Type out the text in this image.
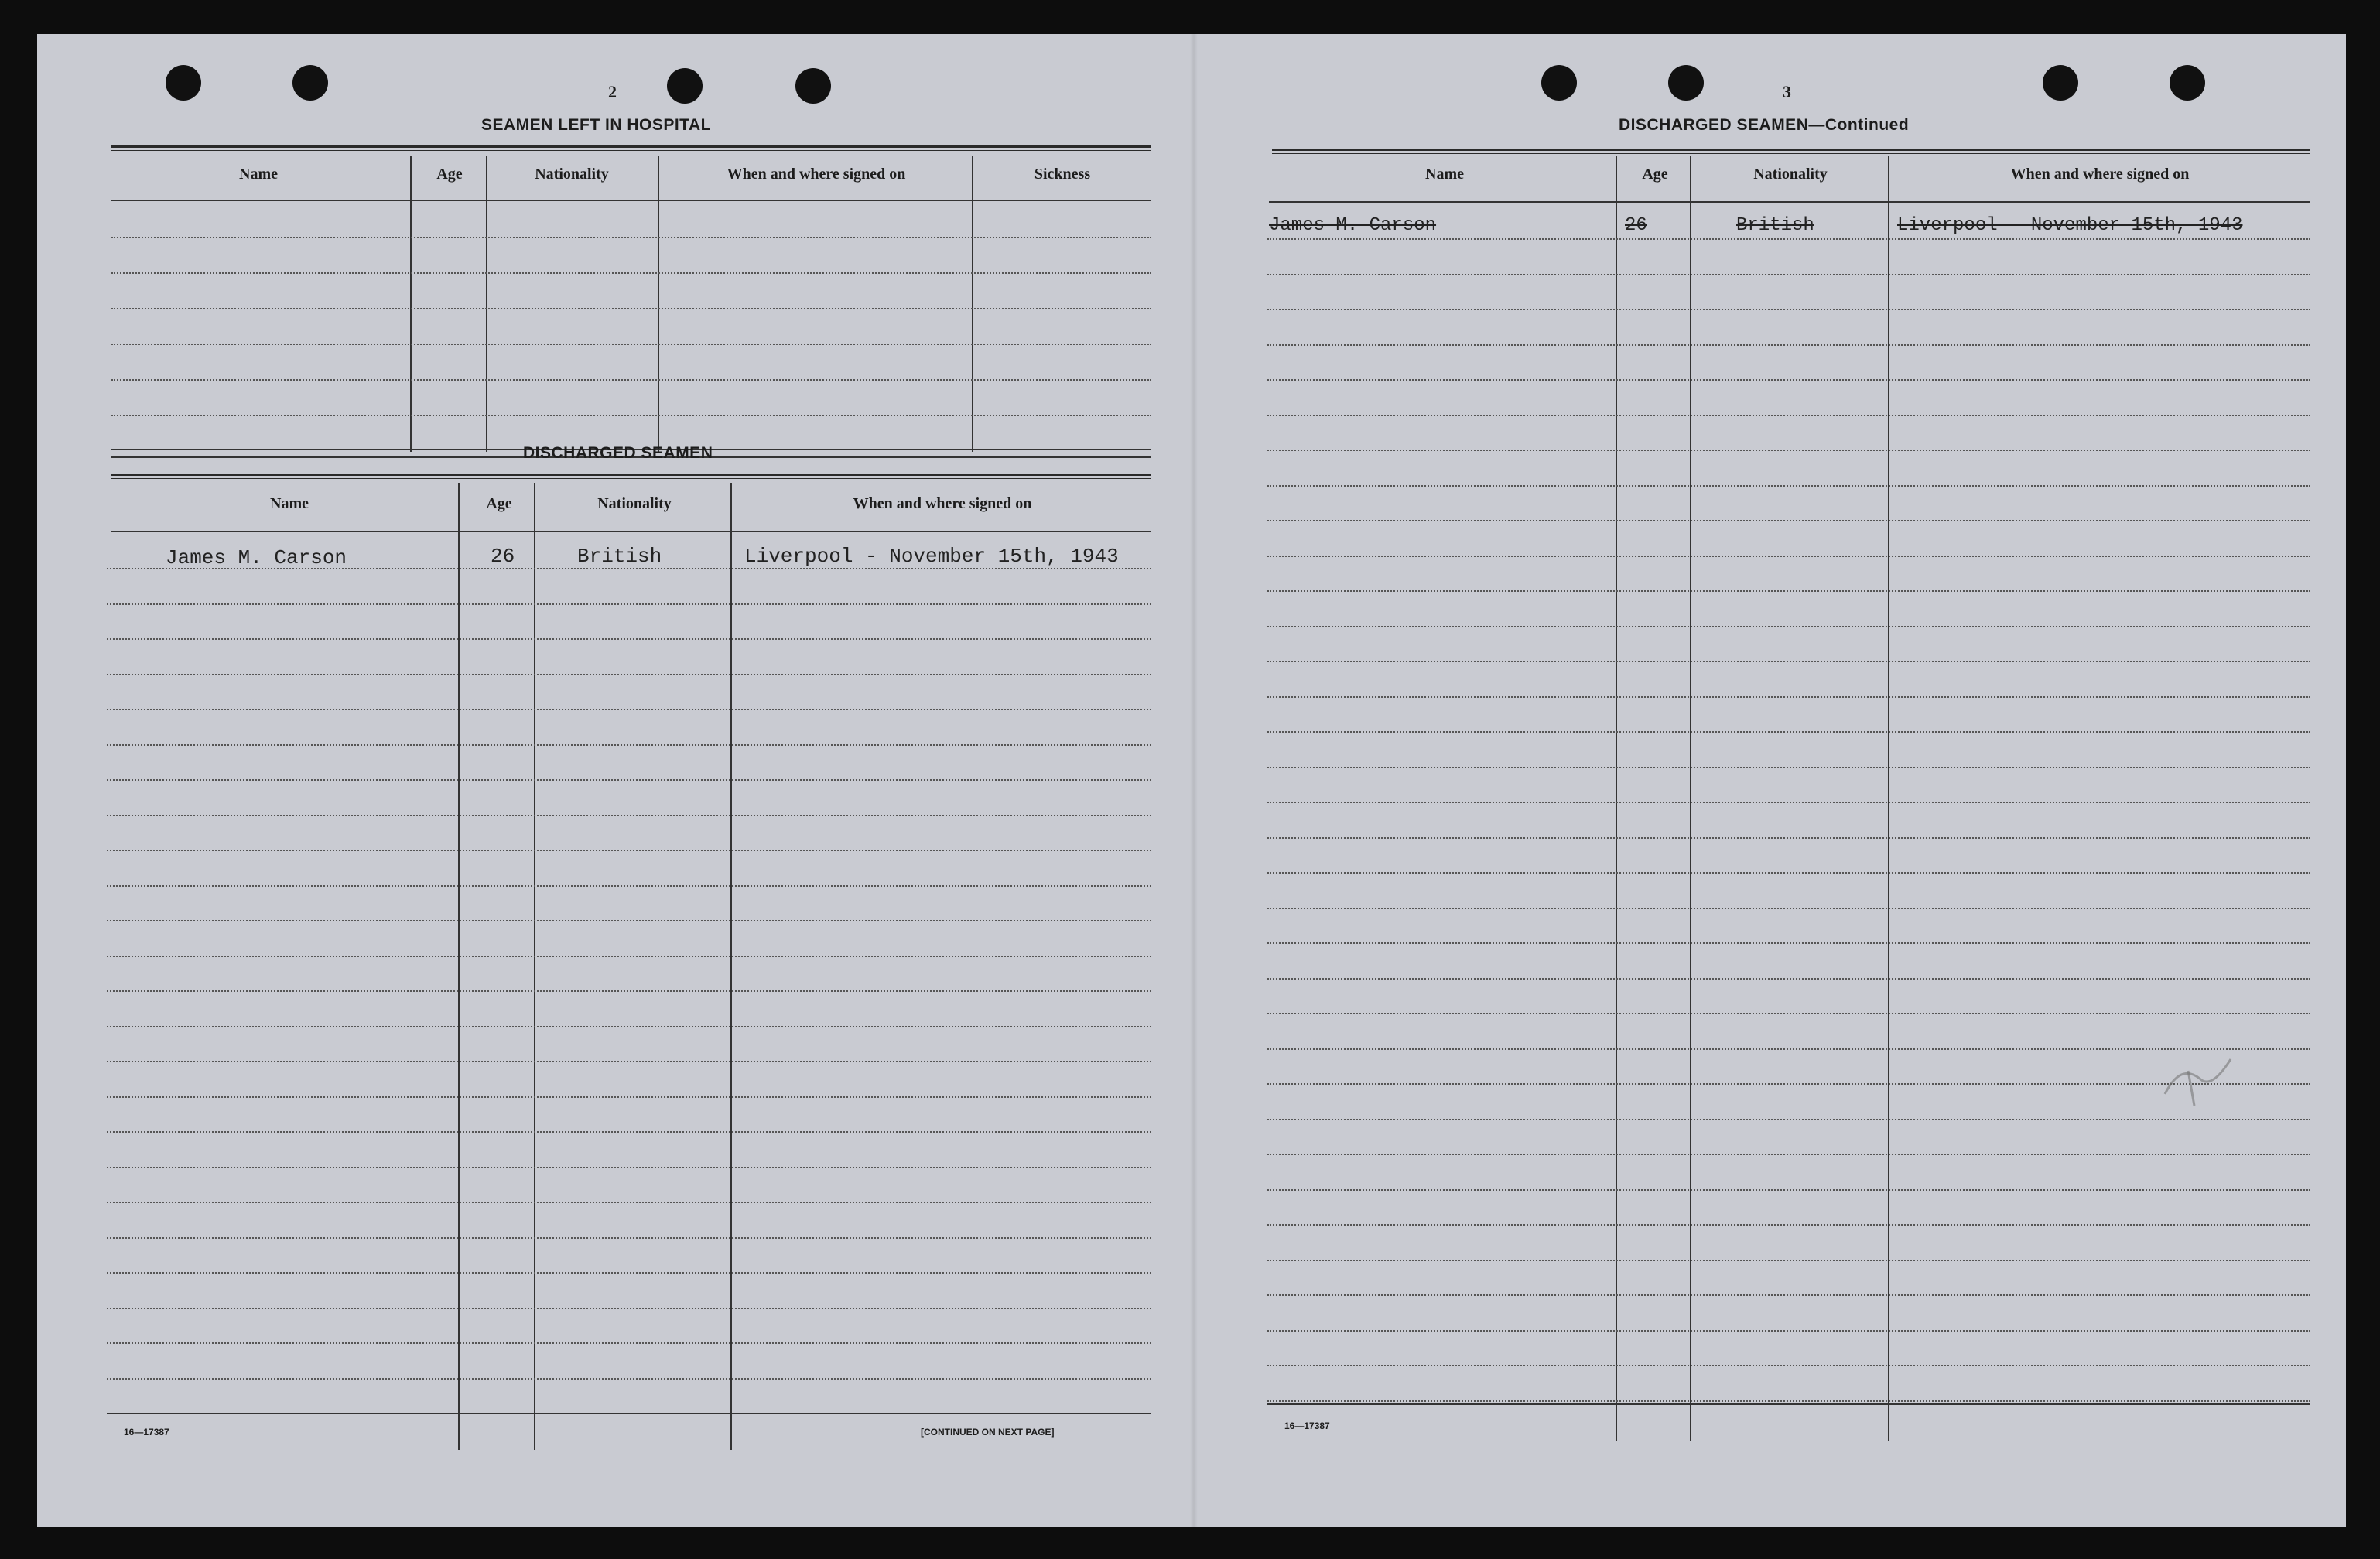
2
SEAMEN LEFT IN HOSPITAL
Name	Age	Nationality	When and where signed on	Sickness
DISCHARGED SEAMEN
Name	Age	Nationality	When and where signed on
James M. Carson	26	British	Liverpool - November 15th, 1943
16—17387	[CONTINUED ON NEXT PAGE]
3
DISCHARGED SEAMEN—Continued
Name	Age	Nationality	When and where signed on
James M. Carson	26	British	Liverpool - November 15th, 1943
16—17387
